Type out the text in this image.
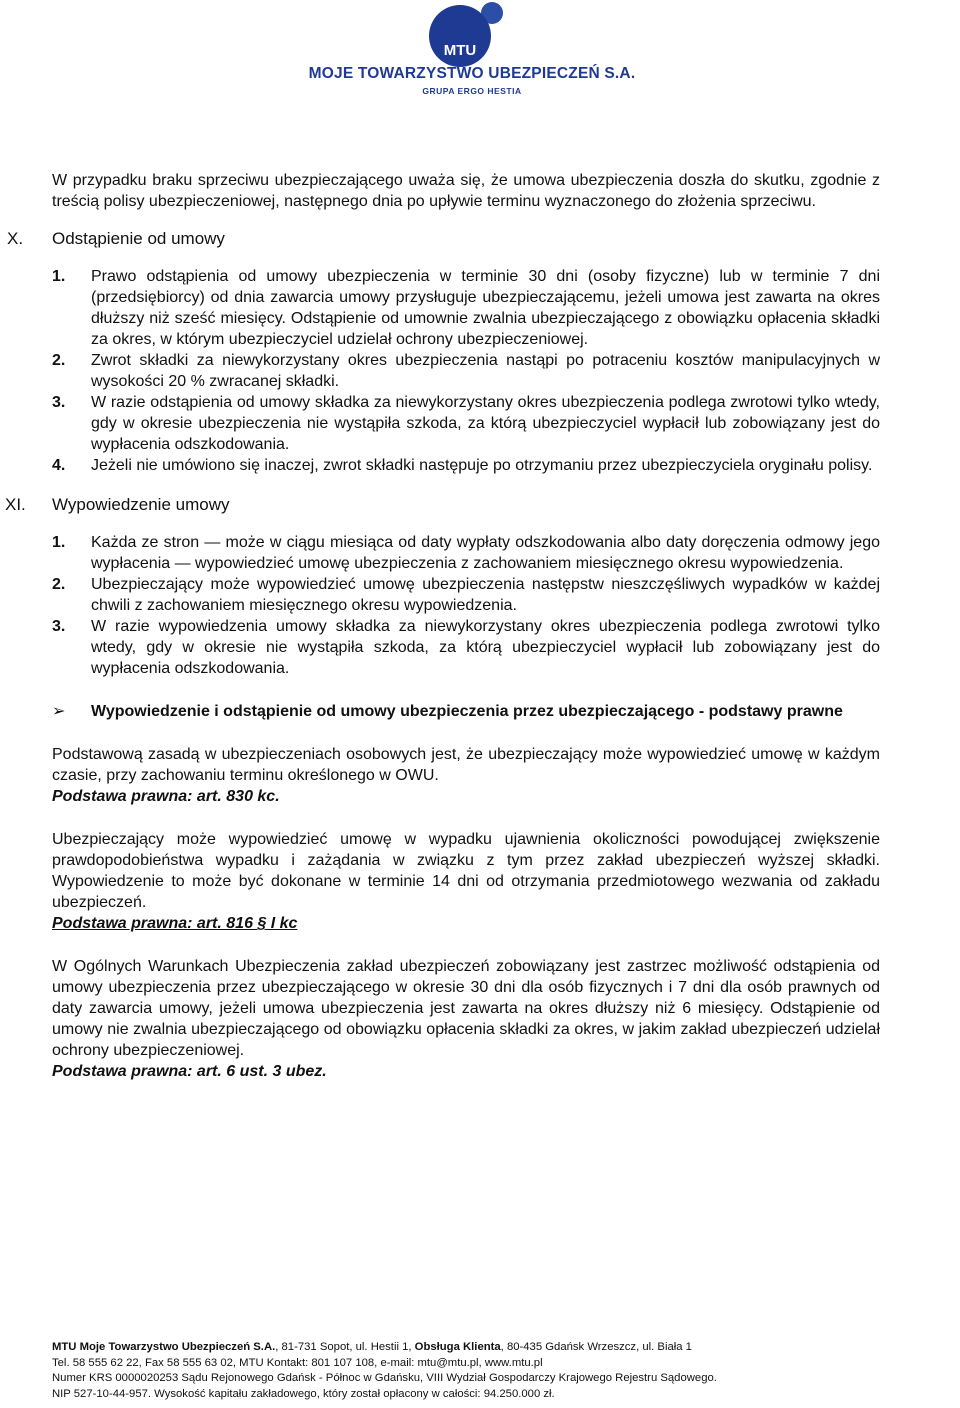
MTU
MOJE TOWARZYSTWO UBEZPIECZEŃ S.A.
GRUPA ERGO HESTIA

W przypadku braku sprzeciwu ubezpieczającego uważa się, że umowa ubezpieczenia doszła do skutku, zgodnie z treścią polisy ubezpieczeniowej, następnego dnia po upływie terminu wyznaczonego do złożenia sprzeciwu.

X. Odstąpienie od umowy
1. Prawo odstąpienia od umowy ubezpieczenia w terminie 30 dni (osoby fizyczne) lub w terminie 7 dni (przedsiębiorcy) od dnia zawarcia umowy przysługuje ubezpieczającemu, jeżeli umowa jest zawarta na okres dłuższy niż sześć miesięcy. Odstąpienie od umownie zwalnia ubezpieczającego z obowiązku opłacenia składki za okres, w którym ubezpieczyciel udzielał ochrony ubezpieczeniowej.
2. Zwrot składki za niewykorzystany okres ubezpieczenia nastąpi po potraceniu kosztów manipulacyjnych w wysokości 20 % zwracanej składki.
3. W razie odstąpienia od umowy składka za niewykorzystany okres ubezpieczenia podlega zwrotowi tylko wtedy, gdy w okresie ubezpieczenia nie wystąpiła szkoda, za którą ubezpieczyciel wypłacił lub zobowiązany jest do wypłacenia odszkodowania.
4. Jeżeli nie umówiono się inaczej, zwrot składki następuje po otrzymaniu przez ubezpieczyciela oryginału polisy.
XI. Wypowiedzenie umowy
1. Każda ze stron — może w ciągu miesiąca od daty wypłaty odszkodowania albo daty doręczenia odmowy jego wypłacenia — wypowiedzieć umowę ubezpieczenia z zachowaniem miesięcznego okresu wypowiedzenia.
2. Ubezpieczający może wypowiedzieć umowę ubezpieczenia następstw nieszczęśliwych wypadków w każdej chwili z zachowaniem miesięcznego okresu wypowiedzenia.
3. W razie wypowiedzenia umowy składka za niewykorzystany okres ubezpieczenia podlega zwrotowi tylko wtedy, gdy w okresie nie wystąpiła szkoda, za którą ubezpieczyciel wypłacił lub zobowiązany jest do wypłacenia odszkodowania.
➢ Wypowiedzenie i odstąpienie od umowy ubezpieczenia przez ubezpieczającego - podstawy prawne

Podstawową zasadą w ubezpieczeniach osobowych jest, że ubezpieczający może wypowiedzieć umowę w każdym czasie, przy zachowaniu terminu określonego w OWU.

Podstawa prawna: art. 830 kc.

Ubezpieczający może wypowiedzieć umowę w wypadku ujawnienia okoliczności powodującej zwiększenie prawdopodobieństwa wypadku i zażądania w związku z tym przez zakład ubezpieczeń wyższej składki. Wypowiedzenie to może być dokonane w terminie 14 dni od otrzymania przedmiotowego wezwania od zakładu ubezpieczeń.

Podstawa prawna: art. 816 § I kc

W Ogólnych Warunkach Ubezpieczenia zakład ubezpieczeń zobowiązany jest zastrzec możliwość odstąpienia od umowy ubezpieczenia przez ubezpieczającego w okresie 30 dni dla osób fizycznych i 7 dni dla osób prawnych od daty zawarcia umowy, jeżeli umowa ubezpieczenia jest zawarta na okres dłuższy niż 6 miesięcy. Odstąpienie od umowy nie zwalnia ubezpieczającego od obowiązku opłacenia składki za okres, w jakim zakład ubezpieczeń udzielał ochrony ubezpieczeniowej.

Podstawa prawna: art. 6 ust. 3 ubez.

MTU Moje Towarzystwo Ubezpieczeń S.A., 81-731 Sopot, ul. Hestii 1, Obsługa Klienta, 80-435 Gdańsk Wrzeszcz, ul. Biała 1
Tel. 58 555 62 22, Fax 58 555 63 02, MTU Kontakt: 801 107 108, e-mail: mtu@mtu.pl, www.mtu.pl
Numer KRS 0000020253 Sądu Rejonowego Gdańsk - Północ w Gdańsku, VIII Wydział Gospodarczy Krajowego Rejestru Sądowego.
NIP 527-10-44-957. Wysokość kapitału zakładowego, który został opłacony w całości: 94.250.000 zł.
